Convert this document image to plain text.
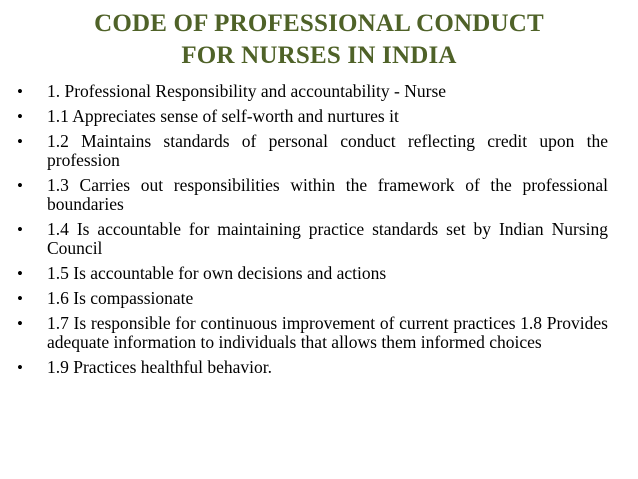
CODE OF PROFESSIONAL CONDUCT
FOR NURSES IN INDIA
• 1. Professional Responsibility and accountability - Nurse
• 1.1 Appreciates sense of self-worth and nurtures it
• 1.2 Maintains standards of personal conduct reflecting credit upon the profession
• 1.3 Carries out responsibilities within the framework of the professional boundaries
• 1.4 Is accountable for maintaining practice standards set by Indian Nursing Council
• 1.5 Is accountable for own decisions and actions
• 1.6 Is compassionate
• 1.7 Is responsible for continuous improvement of current practices 1.8 Provides adequate information to individuals that allows them informed choices
• 1.9 Practices healthful behavior.
